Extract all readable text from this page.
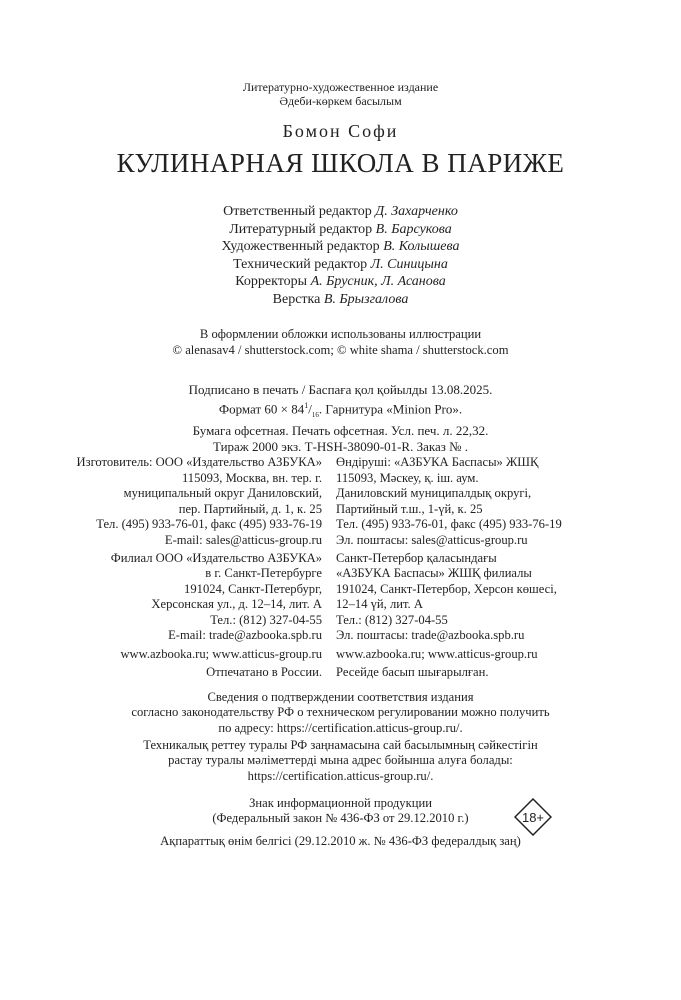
Литературно-художественное издание
Әдеби-көркем басылым
Бомон Софи
КУЛИНАРНАЯ ШКОЛА В ПАРИЖЕ
Ответственный редактор Д. Захарченко
Литературный редактор В. Барсукова
Художественный редактор В. Колышева
Технический редактор Л. Синицына
Корректоры А. Брусник, Л. Асанова
Верстка В. Брызгалова
В оформлении обложки использованы иллюстрации
© alenasav4 / shutterstock.com; © white shama / shutterstock.com
Подписано в печать / Баспаға қол қойылды 13.08.2025.
Формат $60 \times 84^1/_{16}$. Гарнитура «Minion Pro».
Бумага офсетная. Печать офсетная. Усл. печ. л. 22,32.
Тираж 2000 экз. Т-HSH-38090-01-R. Заказ № .
Изготовитель: ООО «Издательство АЗБУКА»
115093, Москва, вн. тер. г.
муниципальный округ Даниловский,
пер. Партийный, д. 1, к. 25
Тел. (495) 933-76-01, факс (495) 933-76-19
E-mail: sales@atticus-group.ru
Филиал ООО «Издательство АЗБУКА»
в г. Санкт-Петербурге
191024, Санкт-Петербург,
Херсонская ул., д. 12–14, лит. А
Тел.: (812) 327-04-55
E-mail: trade@azbooka.spb.ru
www.azbooka.ru; www.atticus-group.ru
Отпечатано в России.
Өндіруші: «АЗБУКА Баспасы» ЖШҚ
115093, Мәскеу, қ. іш. аум.
Даниловский муниципалдық округі,
Партийный т.ш., 1-үй, к. 25
Тел. (495) 933-76-01, факс (495) 933-76-19
Эл. поштасы: sales@atticus-group.ru
Санкт-Петербор қаласындағы
«АЗБУКА Баспасы» ЖШҚ филиалы
191024, Санкт-Петербор, Херсон көшесі,
12–14 үй, лит. А
Тел.: (812) 327-04-55
Эл. поштасы: trade@azbooka.spb.ru
www.azbooka.ru; www.atticus-group.ru
Ресейде басып шығарылған.
Сведения о подтверждении соответствия издания
согласно законодательству РФ о техническом регулировании можно получить
по адресу: https://certification.atticus-group.ru/.
Техникалық реттеу туралы РФ заңнамасына сай басылымның сәйкестігін
растау туралы мәліметтерді мына адрес бойынша алуға болады:
https://certification.atticus-group.ru/.
Знак информационной продукции
(Федеральный закон № 436-ФЗ от 29.12.2010 г.)
Ақпараттық өнім белгісі (29.12.2010 ж. № 436-ФЗ федералдық заң)
18+
